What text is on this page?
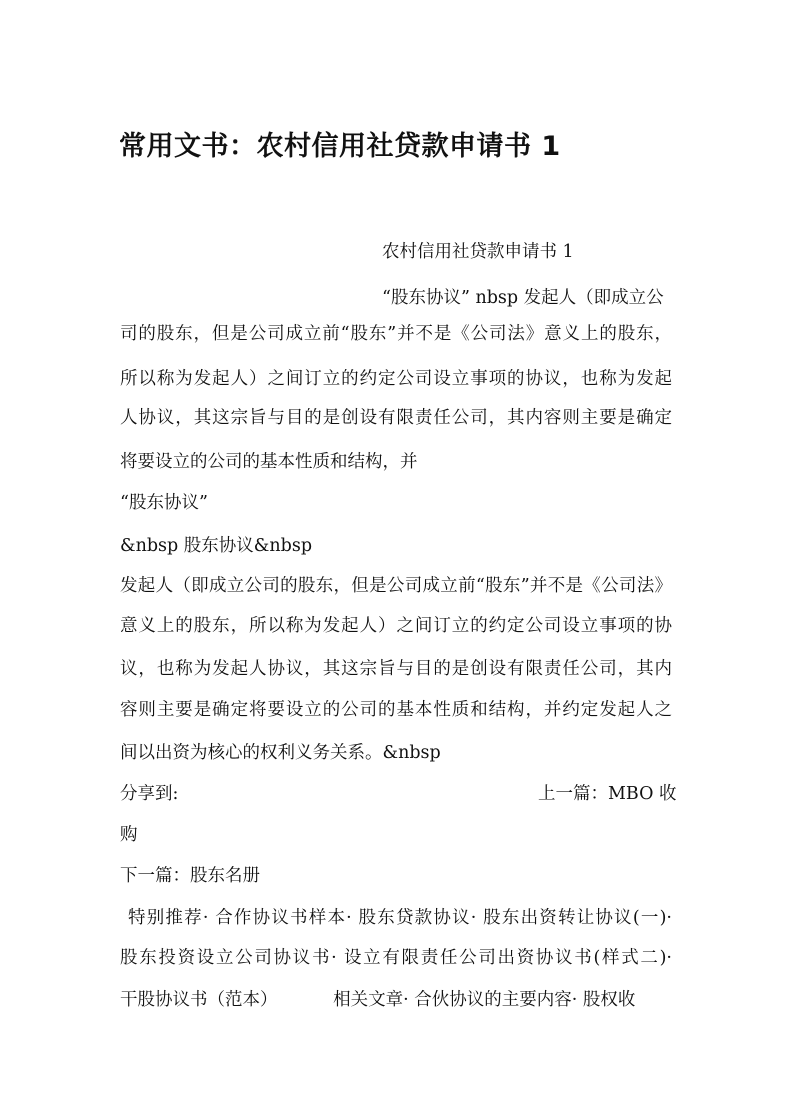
常用文书：农村信用社贷款申请书 1
农村信用社贷款申请书 1
“股东协议” nbsp 发起人（即成立公
司的股东，但是公司成立前“股东”并不是《公司法》意义上的股东，
所以称为发起人）之间订立的约定公司设立事项的协议，也称为发起
人协议，其这宗旨与目的是创设有限责任公司，其内容则主要是确定
将要设立的公司的基本性质和结构，并
“股东协议”
&nbsp 股东协议&nbsp
发起人（即成立公司的股东，但是公司成立前“股东”并不是《公司法》
意义上的股东，所以称为发起人）之间订立的约定公司设立事项的协
议，也称为发起人协议，其这宗旨与目的是创设有限责任公司，其内
容则主要是确定将要设立的公司的基本性质和结构，并约定发起人之
间以出资为核心的权利义务关系。&nbsp
分享到:	上一篇：MBO 收
购
下一篇：股东名册
特别推荐· 合作协议书样本· 股东贷款协议· 股东出资转让协议(一)·
股东投资设立公司协议书· 设立有限责任公司出资协议书(样式二)·
干股协议书（范本）          相关文章· 合伙协议的主要内容· 股权收
